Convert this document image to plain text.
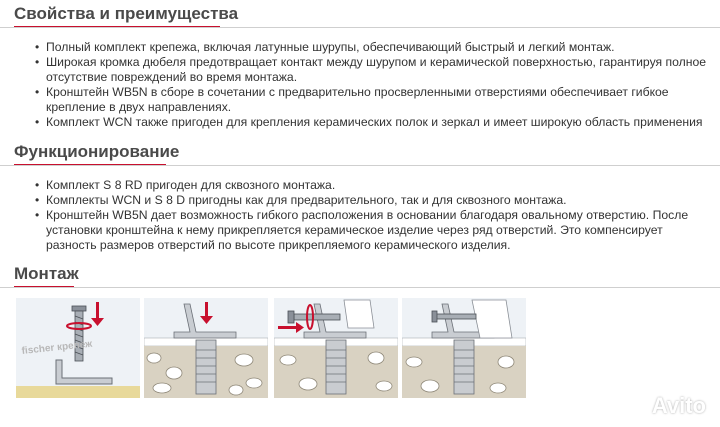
Свойства и преимущества
• Полный комплект крепежа, включая латунные шурупы, обеспечивающий быстрый и легкий монтаж.
• Широкая кромка дюбеля предотвращает контакт между шурупом и керамической поверхностью, гарантируя полное отсутствие повреждений во время монтажа.
• Кронштейн WB5N в сборе в сочетании с предварительно просверленными отверстиями обеспечивает гибкое крепление в двух направлениях.
• Комплект WCN также пригоден для крепления керамических полок и зеркал и имеет широкую область применения
Функционирование
• Комплект S 8 RD пригоден для сквозного монтажа.
• Комплекты WCN и S 8 D пригодны как для предварительного, так и для сквозного монтажа.
• Кронштейн WB5N дает возможность гибкого расположения в основании благодаря овальному отверстию. После установки кронштейна к нему прикрепляется керамическое изделие через ряд отверстий. Это компенсирует разность размеров отверстий по высоте прикрепляемого керамического изделия.
Монтаж
fischer крепеж
Avito
